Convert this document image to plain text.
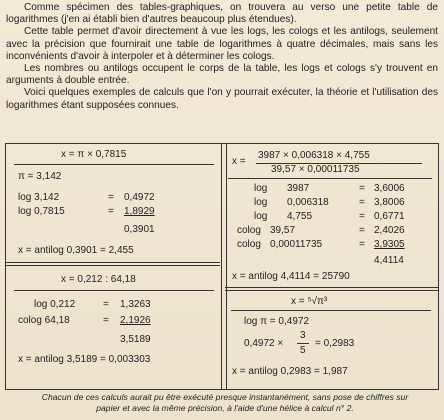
Comme spécimen des tables-graphiques, on trouvera au verso une petite table de logarithmes (j'en ai établi bien d'autres beaucoup plus étendues).

Cette table permet d'avoir directement à vue les logs, les cologs et les antilogs, seulement avec la précision que fournirait une table de logarithmes à quatre décimales, mais sans les inconvénients d'avoir à interpoler et à déterminer les cologs.

Les nombres ou antilogs occupent le corps de la table, les logs et cologs s'y trouvent en arguments à double entrée.

Voici quelques exemples de calculs que l'on y pourrait exécuter, la théorie et l'utilisation des logarithmes étant supposées connues.

x = π × 0,7815
π = 3,142
log 3,142	= 0,4972
log 0,7815	= 1,8929
0,3901
x = antilog 0,3901 = 2,455
x = 0,212 : 64,18
log 0,212	= 1,3263
colog 64,18	= 2,1926
3,5189
x = antilog 3,5189 = 0,003303
x =
3987 × 0,006318 × 4,755
39,57 × 0,00011735
log 3987	= 3,6006
log 0,006318	= 3,8006
log 4,755	= 0,6771
colog 39,57	= 2,4026
colog 0,00011735	= 3,9305
4,4114
x = antilog 4,4114 = 25790
x = ⁵√π³
log π = 0,4972
0,4972 ×
3
5
= 0,2983
x = antilog 0,2983 = 1,987
Chacun de ces calculs aurait pu être exécuté presque instantanément, sans pose de chiffres sur papier et avec la même précision, à l'aide d'une hélice à calcul n° 2.
